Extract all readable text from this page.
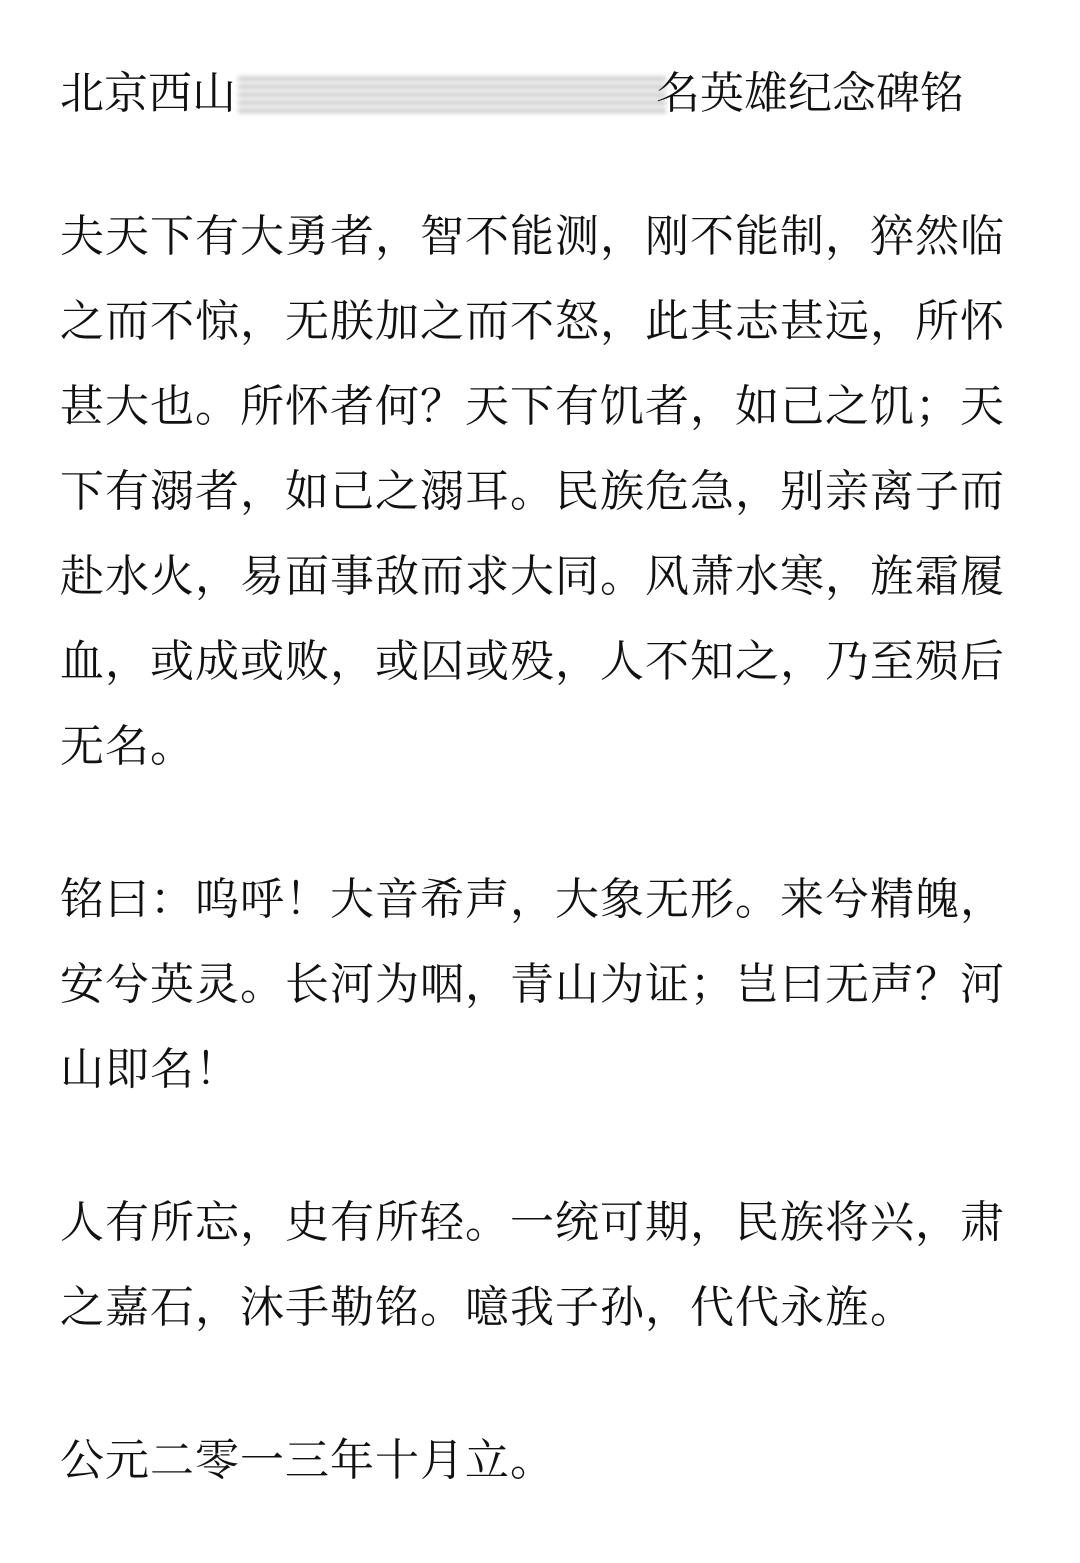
北京西山	名英雄纪念碑铭

夫天下有大勇者，智不能测，刚不能制，猝然临之而不惊，无朕加之而不怒，此其志甚远，所怀甚大也。所怀者何？天下有饥者，如己之饥；天下有溺者，如己之溺耳。民族危急，别亲离子而赴水火，易面事敌而求大同。风萧水寒，旌霜履血，或成或败，或囚或殁，人不知之，乃至殒后无名。

铭曰：呜呼！大音希声，大象无形。来兮精魄，安兮英灵。长河为咽，青山为证；岂曰无声？河山即名！

人有所忘，史有所轻。一统可期，民族将兴，肃之嘉石，沐手勒铭。噫我子孙，代代永旌。

公元二零一三年十月立。
